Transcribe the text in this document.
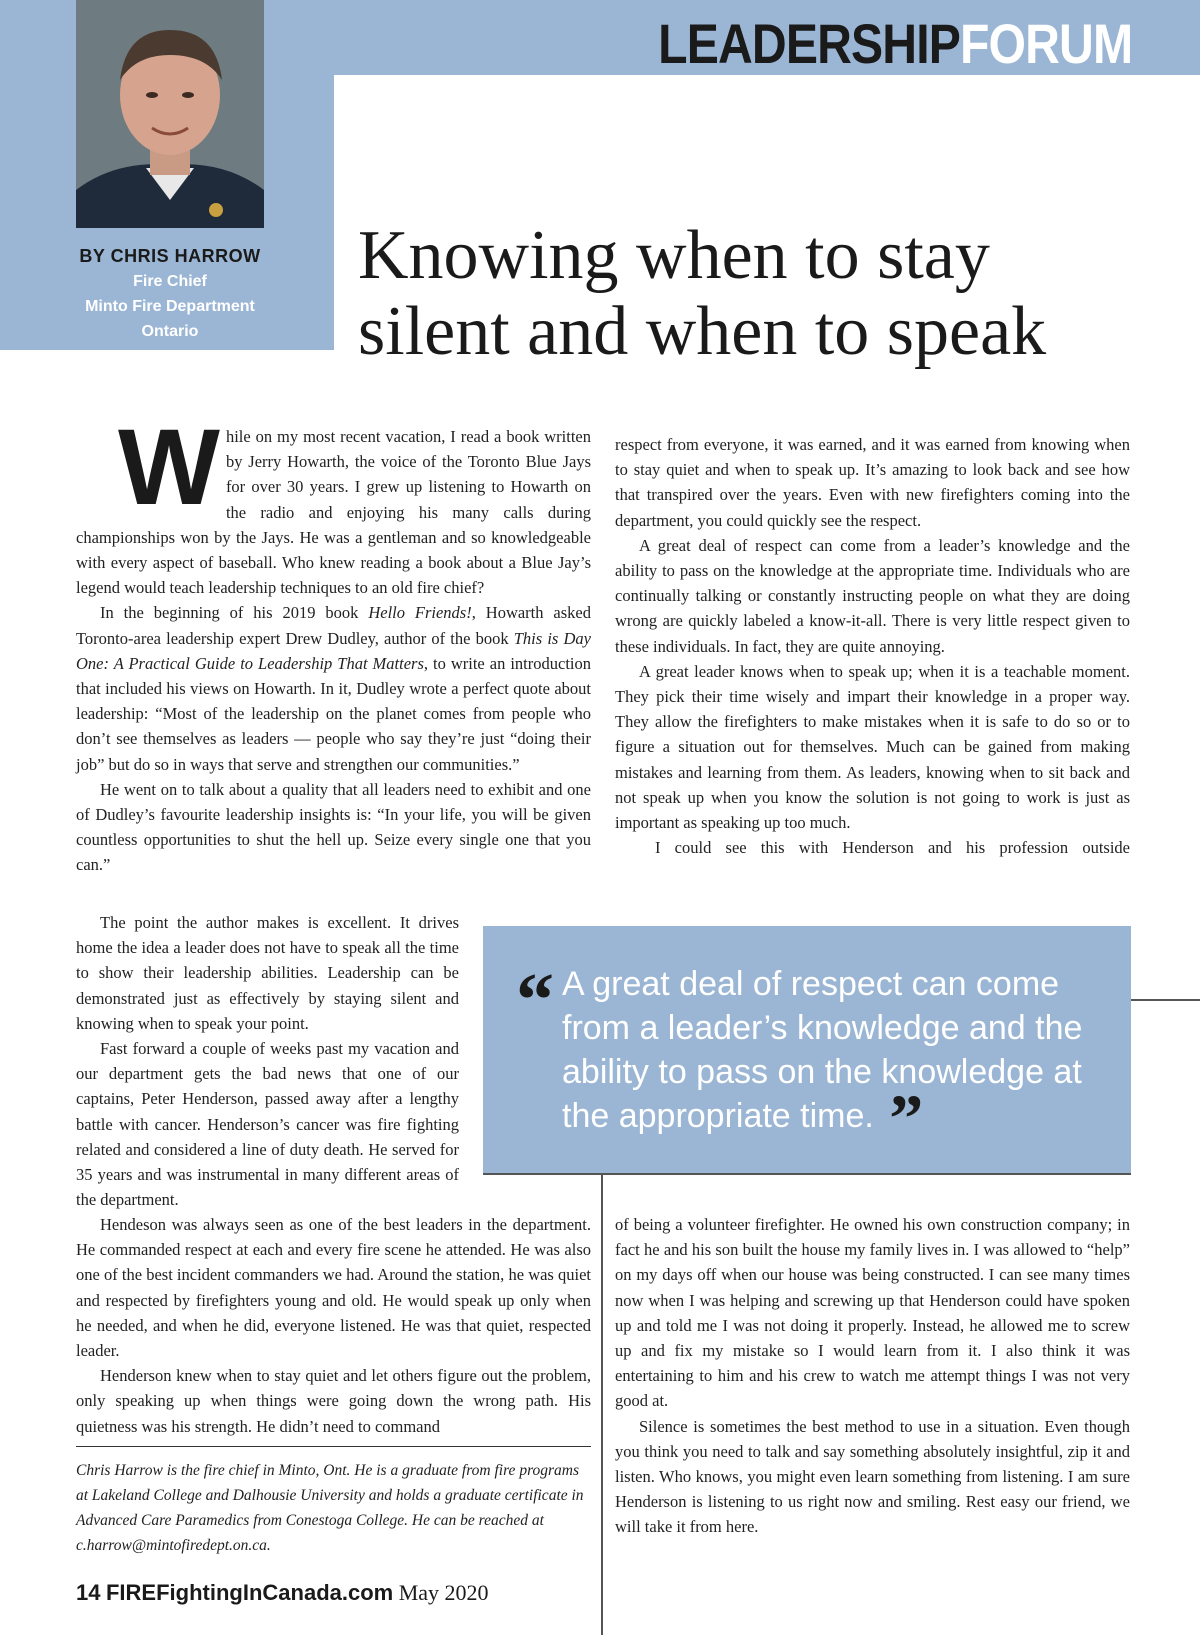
LEADERSHIPFORUM
BY CHRIS HARROW
Fire Chief
Minto Fire Department
Ontario
Knowing when to stay
silent and when to speak

While on my most recent vacation, I read a book written by Jerry Howarth, the voice of the Toronto Blue Jays for over 30 years. I grew up listening to Howarth on the radio and enjoying his many calls during championships won by the Jays. He was a gentleman and so knowledgeable with every aspect of baseball. Who knew reading a book about a Blue Jay’s legend would teach leadership techniques to an old fire chief?

In the beginning of his 2019 book Hello Friends!, Howarth asked Toronto-area leadership expert Drew Dudley, author of the book This is Day One: A Practical Guide to Leadership That Matters, to write an introduction that included his views on Howarth. In it, Dudley wrote a perfect quote about leadership: “Most of the leadership on the planet comes from people who don’t see themselves as leaders — people who say they’re just “doing their job” but do so in ways that serve and strengthen our communities.”

He went on to talk about a quality that all leaders need to exhibit and one of Dudley’s favourite leadership insights is: “In your life, you will be given countless opportunities to shut the hell up. Seize every single one that you can.”

The point the author makes is excellent. It drives home the idea a leader does not have to speak all the time to show their leadership abilities. Leadership can be demonstrated just as effectively by staying silent and knowing when to speak your point.

Fast forward a couple of weeks past my vacation and our department gets the bad news that one of our captains, Peter Henderson, passed away after a lengthy battle with cancer. Henderson’s cancer was fire fighting related and considered a line of duty death. He served for 35 years and was instrumental in many different areas of the department.

Hendeson was always seen as one of the best leaders in the department. He commanded respect at each and every fire scene he attended. He was also one of the best incident commanders we had. Around the station, he was quiet and respected by firefighters young and old. He would speak up only when he needed, and when he did, everyone listened. He was that quiet, respected leader.

Henderson knew when to stay quiet and let others figure out the problem, only speaking up when things were going down the wrong path. His quietness was his strength. He didn’t need to command

respect from everyone, it was earned, and it was earned from knowing when to stay quiet and when to speak up. It’s amazing to look back and see how that transpired over the years. Even with new firefighters coming into the department, you could quickly see the respect.

A great deal of respect can come from a leader’s knowledge and the ability to pass on the knowledge at the appropriate time. Individuals who are continually talking or constantly instructing people on what they are doing wrong are quickly labeled a know-it-all. There is very little respect given to these individuals. In fact, they are quite annoying.

A great leader knows when to speak up; when it is a teachable moment. They pick their time wisely and impart their knowledge in a proper way. They allow the firefighters to make mistakes when it is safe to do so or to figure a situation out for themselves. Much can be gained from making mistakes and learning from them. As leaders, knowing when to sit back and not speak up when you know the solution is not going to work is just as important as speaking up too much.

I could see this with Henderson and his profession outside

“ A great deal of respect can come from a leader’s knowledge and the ability to pass on the knowledge at the appropriate time. ”

of being a volunteer firefighter. He owned his own construction company; in fact he and his son built the house my family lives in. I was allowed to “help” on my days off when our house was being constructed. I can see many times now when I was helping and screwing up that Henderson could have spoken up and told me I was not doing it properly. Instead, he allowed me to screw up and fix my mistake so I would learn from it. I also think it was entertaining to him and his crew to watch me attempt things I was not very good at.

Silence is sometimes the best method to use in a situation. Even though you think you need to talk and say something absolutely insightful, zip it and listen. Who knows, you might even learn something from listening. I am sure Henderson is listening to us right now and smiling. Rest easy our friend, we will take it from here.

Chris Harrow is the fire chief in Minto, Ont. He is a graduate from fire programs at Lakeland College and Dalhousie University and holds a graduate certificate in Advanced Care Paramedics from Conestoga College. He can be reached at c.harrow@mintofiredept.on.ca.
14 FIREFightingInCanada.com May 2020
